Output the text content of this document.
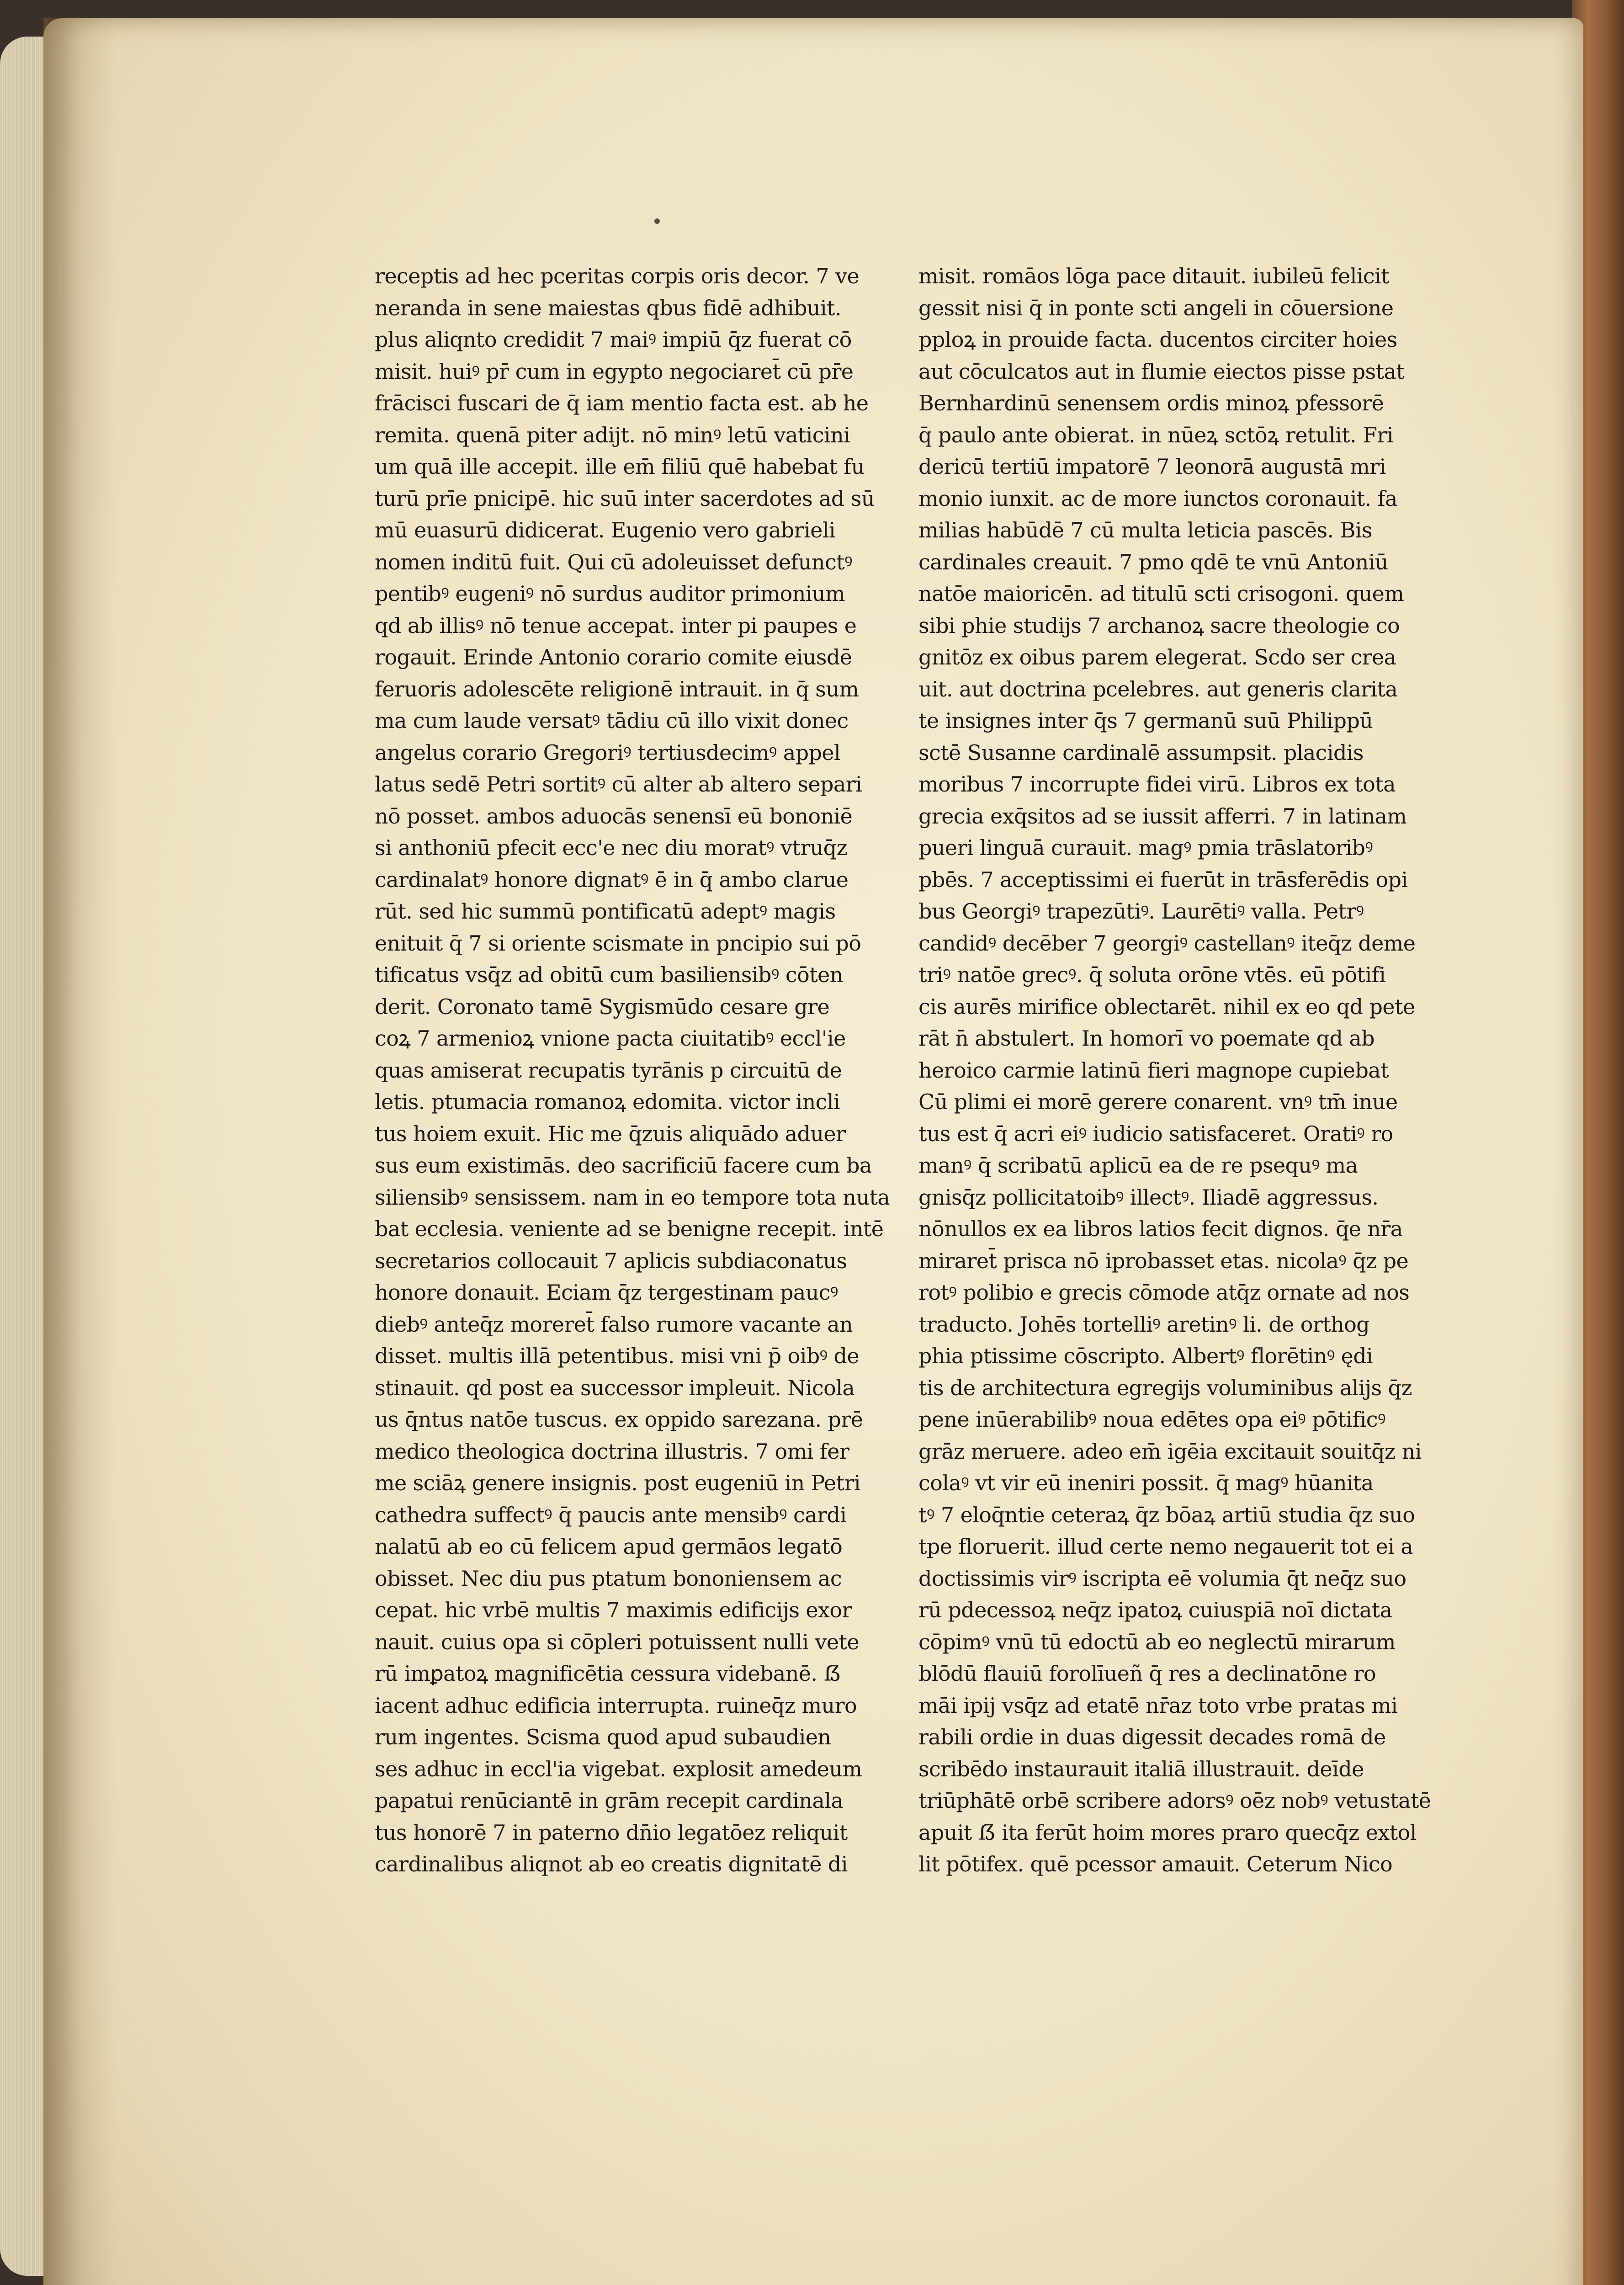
receptis ad hec pceritas corpis oris decor. 7 ve
neranda in sene maiestas qbus fidē adhibuit.
plus aliqnto credidit 7 maiꝰ impiū q̄z fuerat cō
misit. huiꝰ pr̄ cum in egypto negociaret̄ cū pr̄e
frācisci fuscari de q̄ iam mentio facta est. ab he
remita. quenā piter adijt. nō minꝰ letū vaticini
um quā ille accepit. ille em̄ filiū quē habebat fu
turū prīe pnicipē. hic suū inter sacerdotes ad sū
mū euasurū didicerat. Eugenio vero gabrieli
nomen inditū fuit. Qui cū adoleuisset defunctꝰ
pentibꝰ eugeniꝰ nō surdus auditor primonium
qd ab illisꝰ nō tenue accepat. inter pi paupes e
rogauit. Erinde Antonio corario comite eiusdē
feruoris adolescēte religionē intrauit. in q̄ sum
ma cum laude versatꝰ tādiu cū illo vixit donec
angelus corario Gregoriꝰ tertiusdecimꝰ appel
latus sedē Petri sortitꝰ cū alter ab altero separi
nō posset. ambos aduocās senensī eū bononiē
si anthoniū pfecit ecc'e nec diu moratꝰ vtruq̄z
cardinalatꝰ honore dignatꝰ ē in q̄ ambo clarue
rūt. sed hic summū pontificatū adeptꝰ magis
enituit q̄ 7 si oriente scismate in pncipio sui pō
tificatus vsq̄z ad obitū cum basiliensibꝰ cōten
derit. Coronato tamē Sygismūdo cesare gre
coꝝ 7 armenioꝝ vnione pacta ciuitatibꝰ eccl'ie
quas amiserat recupatis tyrānis p circuitū de
letis. ptumacia romanoꝝ edomita. victor incli
tus hoiem exuit. Hic me q̄zuis aliquādo aduer
sus eum existimās. deo sacrificiū facere cum ba
siliensibꝰ sensissem. nam in eo tempore tota nuta
bat ecclesia. veniente ad se benigne recepit. intē
secretarios collocauit 7 aplicis subdiaconatus
honore donauit. Eciam q̄z tergestinam paucꝰ
diebꝰ anteq̄z moreret̄ falso rumore vacante an
disset. multis illā petentibus. misi vni p̄ oibꝰ de
stinauit. qd post ea successor impleuit. Nicola
us q̄ntus natōe tuscus. ex oppido sarezana. prē
medico theologica doctrina illustris. 7 omi fer
me sciāꝝ genere insignis. post eugeniū in Petri
cathedra suffectꝰ q̄ paucis ante mensibꝰ cardi
nalatū ab eo cū felicem apud germāos legatō
obisset. Nec diu pus ptatum bononiensem ac
cepat. hic vrbē multis 7 maximis edificijs exor
nauit. cuius opa si cōpleri potuissent nulli vete
rū imꝑatoꝝ magnificētia cessura videbanē. ẞ
iacent adhuc edificia interrupta. ruineq̄z muro
rum ingentes. Scisma quod apud subaudien
ses adhuc in eccl'ia vigebat. explosit amedeum
papatui renūciantē in grām recepit cardinala
tus honorē 7 in paterno dn̄io legatōez reliquit
cardinalibus aliqnot ab eo creatis dignitatē di
misit. romāos lōga pace ditauit. iubileū felicit
gessit nisi q̄ in ponte scti angeli in cōuersione
pploꝝ in prouide facta. ducentos circiter hoies
aut cōculcatos aut in flumie eiectos pisse pstat
Bernhardinū senensem ordis minoꝝ pfessorē
q̄ paulo ante obierat. in nūeꝝ sctōꝝ retulit. Fri
dericū tertiū impatorē 7 leonorā augustā mri
monio iunxit. ac de more iunctos coronauit. fa
milias habūdē 7 cū multa leticia pascēs. Bis
cardinales creauit. 7 pmo qdē te vnū Antoniū
natōe maioricēn. ad titulū scti crisogoni. quem
sibi phie studijs 7 archanoꝝ sacre theologie co
gnitōz ex oibus parem elegerat. Scdo ser crea
uit. aut doctrina pcelebres. aut generis clarita
te insignes inter q̄s 7 germanū suū Philippū
sctē Susanne cardinalē assumpsit. placidis
moribus 7 incorrupte fidei virū. Libros ex tota
grecia exq̄sitos ad se iussit afferri. 7 in latinam
pueri linguā curauit. magꝰ pmia trāslatoribꝰ
pbēs. 7 acceptissimi ei fuerūt in trāsferēdis opi
bus Georgiꝰ trapezūtiꝰ. Laurētiꝰ valla. Petrꝰ
candidꝰ decēber 7 georgiꝰ castellanꝰ iteq̄z deme
triꝰ natōe grecꝰ. q̄ soluta orōne vtēs. eū pōtifi
cis aurēs mirifice oblectarēt. nihil ex eo qd pete
rāt n̄ abstulert. In homorī vo poemate qd ab
heroico carmie latinū fieri magnope cupiebat
Cū plimi ei morē gerere conarent. vnꝰ tm̄ inue
tus est q̄ acri eiꝰ iudicio satisfaceret. Oratiꝰ ro
manꝰ q̄ scribatū aplicū ea de re psequꝰ ma
gnisq̄z pollicitatoibꝰ illectꝰ. Iliadē aggressus.
nōnullos ex ea libros latios fecit dignos. q̄e nr̄a
miraret̄ prisca nō iprobasset etas. nicolaꝰ q̄z pe
rotꝰ polibio e grecis cōmode atq̄z ornate ad nos
traducto. Johēs tortelliꝰ aretinꝰ li. de orthog
phia ptissime cōscripto. Albertꝰ florētinꝰ ędi
tis de architectura egregijs voluminibus alijs q̄z
pene inūerabilibꝰ noua edētes opa eiꝰ pōtificꝰ
grāz meruere. adeo em̄ igēia excitauit souitq̄z ni
colaꝰ vt vir eū ineniri possit. q̄ magꝰ hūanita
tꝰ 7 eloq̄ntie ceteraꝝ q̄z bōaꝝ artiū studia q̄z suo
tpe floruerit. illud certe nemo negauerit tot ei a
doctissimis virꝰ iscripta eē volumia q̄t neq̄z suo
rū pdecessoꝝ neq̄z ipatoꝝ cuiuspiā noī dictata
cōpimꝰ vnū tū edoctū ab eo neglectū mirarum
blōdū flauiū forolīueñ q̄ res a declinatōne ro
māi ipij vsq̄z ad etatē nr̄az toto vrbe pratas mi
rabili ordie in duas digessit decades romā de
scribēdo instaurauit italiā illustrauit. deīde
triūphātē orbē scribere adorsꝰ oēz nobꝰ vetustatē
apuit ẞ ita ferūt hoim mores praro quecq̄z extol
lit pōtifex. quē pcessor amauit. Ceterum Nico
